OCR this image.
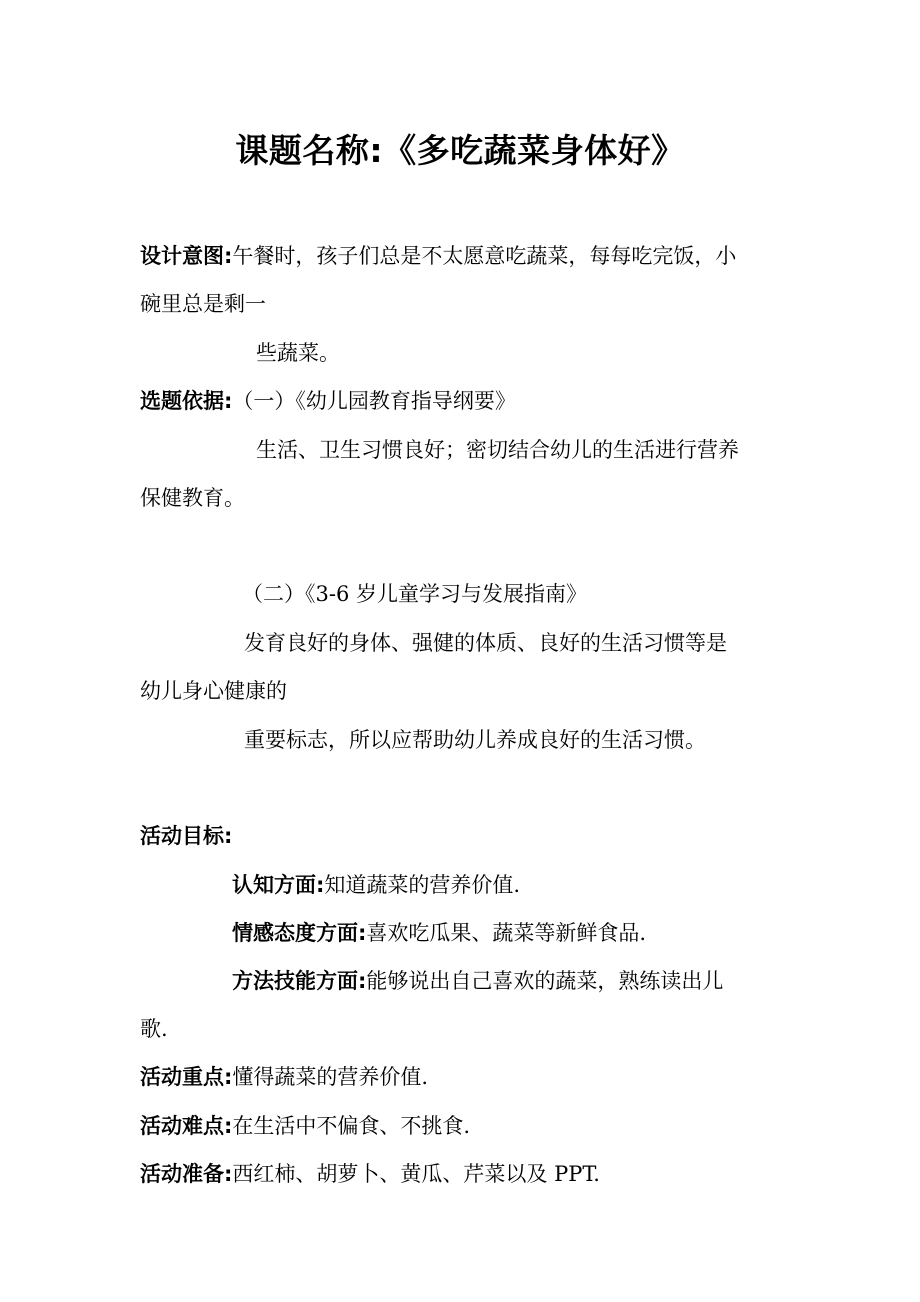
课题名称:《多吃蔬菜身体好》
设计意图:午餐时，孩子们总是不太愿意吃蔬菜，每每吃完饭，小
碗里总是剩一
些蔬菜。
选题依据:（一）《幼儿园教育指导纲要》
生活、卫生习惯良好；密切结合幼儿的生活进行营养
保健教育。
（二）《3-6 岁儿童学习与发展指南》
发育良好的身体、强健的体质、良好的生活习惯等是
幼儿身心健康的
重要标志，所以应帮助幼儿养成良好的生活习惯。
活动目标:
认知方面:知道蔬菜的营养价值.
情感态度方面:喜欢吃瓜果、蔬菜等新鲜食品.
方法技能方面:能够说出自己喜欢的蔬菜，熟练读出儿
歌.
活动重点:懂得蔬菜的营养价值.
活动难点:在生活中不偏食、不挑食.
活动准备:西红柿、胡萝卜、黄瓜、芹菜以及 PPT.
